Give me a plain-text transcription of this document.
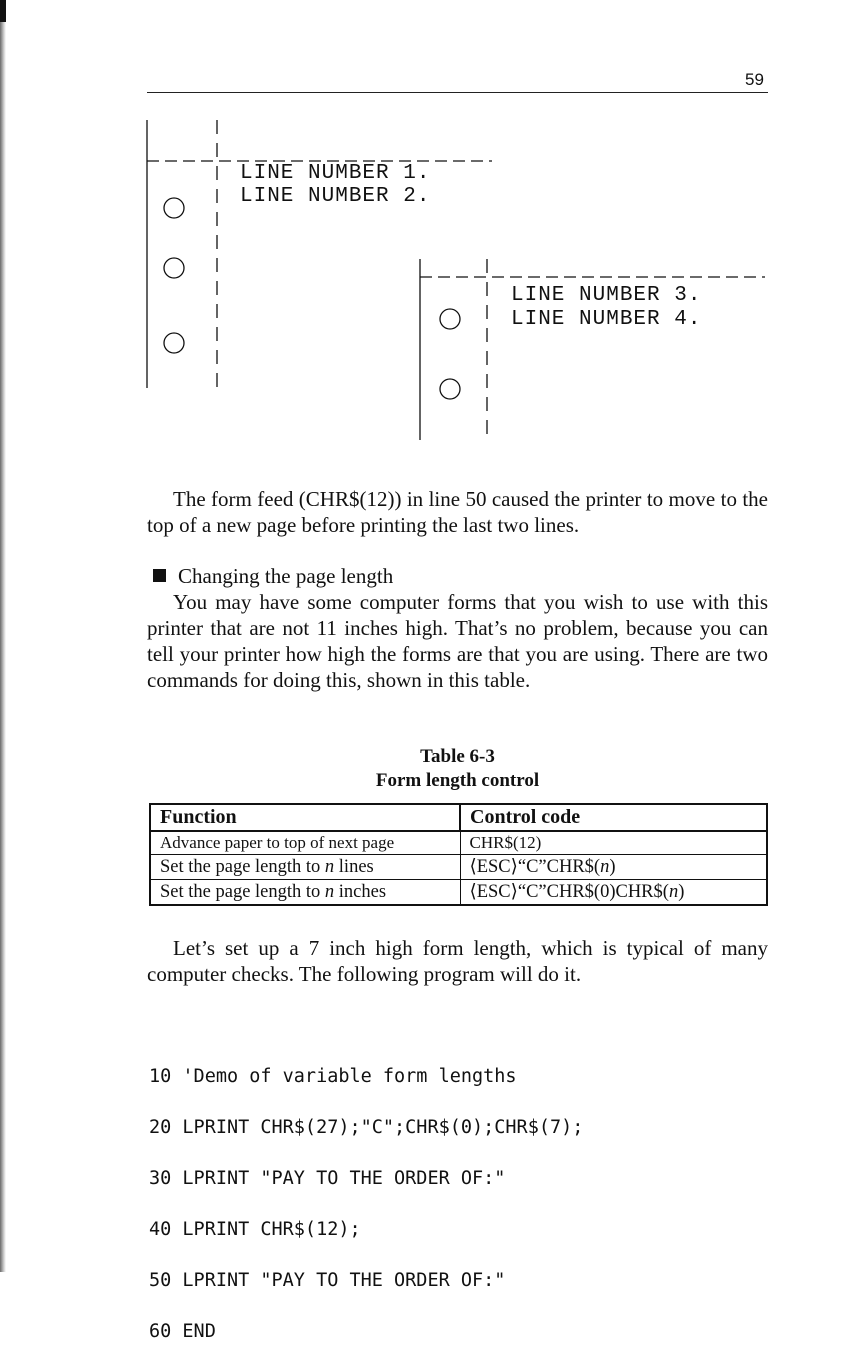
59
LINE NUMBER 1.
LINE NUMBER 2.
LINE NUMBER 3.
LINE NUMBER 4.
The form feed (CHR$(12)) in line 50 caused the printer to move to the top of a new page before printing the last two lines.
Changing the page length
You may have some computer forms that you wish to use with this printer that are not 11 inches high. That’s no problem, because you can tell your printer how high the forms are that you are using. There are two commands for doing this, shown in this table.
Table 6-3
Form length control
Function	Control code
Advance paper to top of next page	CHR$(12)
Set the page length to n lines	⟨ESC⟩“C”CHR$(n)
Set the page length to n inches	⟨ESC⟩“C”CHR$(0)CHR$(n)
Let’s set up a 7 inch high form length, which is typical of many computer checks. The following program will do it.

10 'Demo of variable form lengths

20 LPRINT CHR$(27);"C";CHR$(0);CHR$(7);

30 LPRINT "PAY TO THE ORDER OF:"

40 LPRINT CHR$(12);

50 LPRINT "PAY TO THE ORDER OF:"

60 END
